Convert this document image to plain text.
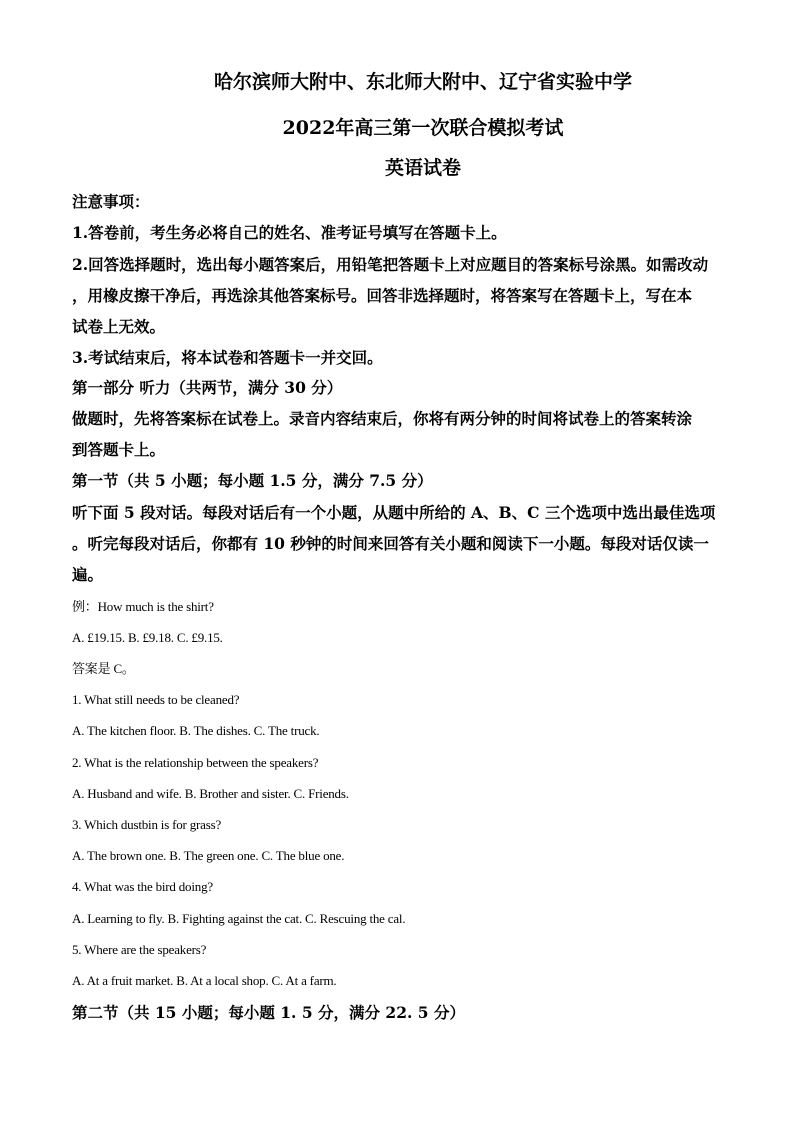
哈尔滨师大附中、东北师大附中、辽宁省实验中学
2022年高三第一次联合模拟考试
英语试卷
注意事项：
1.答卷前，考生务必将自己的姓名、准考证号填写在答题卡上。
2.回答选择题时，选出每小题答案后，用铅笔把答题卡上对应题目的答案标号涂黑。如需改动
，用橡皮擦干净后，再选涂其他答案标号。回答非选择题时，将答案写在答题卡上，写在本
试卷上无效。
3.考试结束后，将本试卷和答题卡一并交回。
第一部分 听力（共两节，满分 30 分）
做题时，先将答案标在试卷上。录音内容结束后，你将有两分钟的时间将试卷上的答案转涂
到答题卡上。
第一节（共 5 小题；每小题 1.5 分，满分 7.5 分）
听下面 5 段对话。每段对话后有一个小题，从题中所给的 A、B、C 三个选项中选出最佳选项
。听完每段对话后，你都有 10 秒钟的时间来回答有关小题和阅读下一小题。每段对话仅读一
遍。
例：How much is the shirt?
A. £19.15. B. £9.18. C. £9.15.
答案是 C。
1. What still needs to be cleaned?
A. The kitchen floor. B. The dishes. C. The truck.
2. What is the relationship between the speakers?
A. Husband and wife. B. Brother and sister. C. Friends.
3. Which dustbin is for grass?
A. The brown one. B. The green one. C. The blue one.
4. What was the bird doing?
A. Learning to fly. B. Fighting against the cat. C. Rescuing the cal.
5. Where are the speakers?
A. At a fruit market. B. At a local shop. C. At a farm.
第二节（共 15 小题；每小题 1. 5 分，满分 22. 5 分）
